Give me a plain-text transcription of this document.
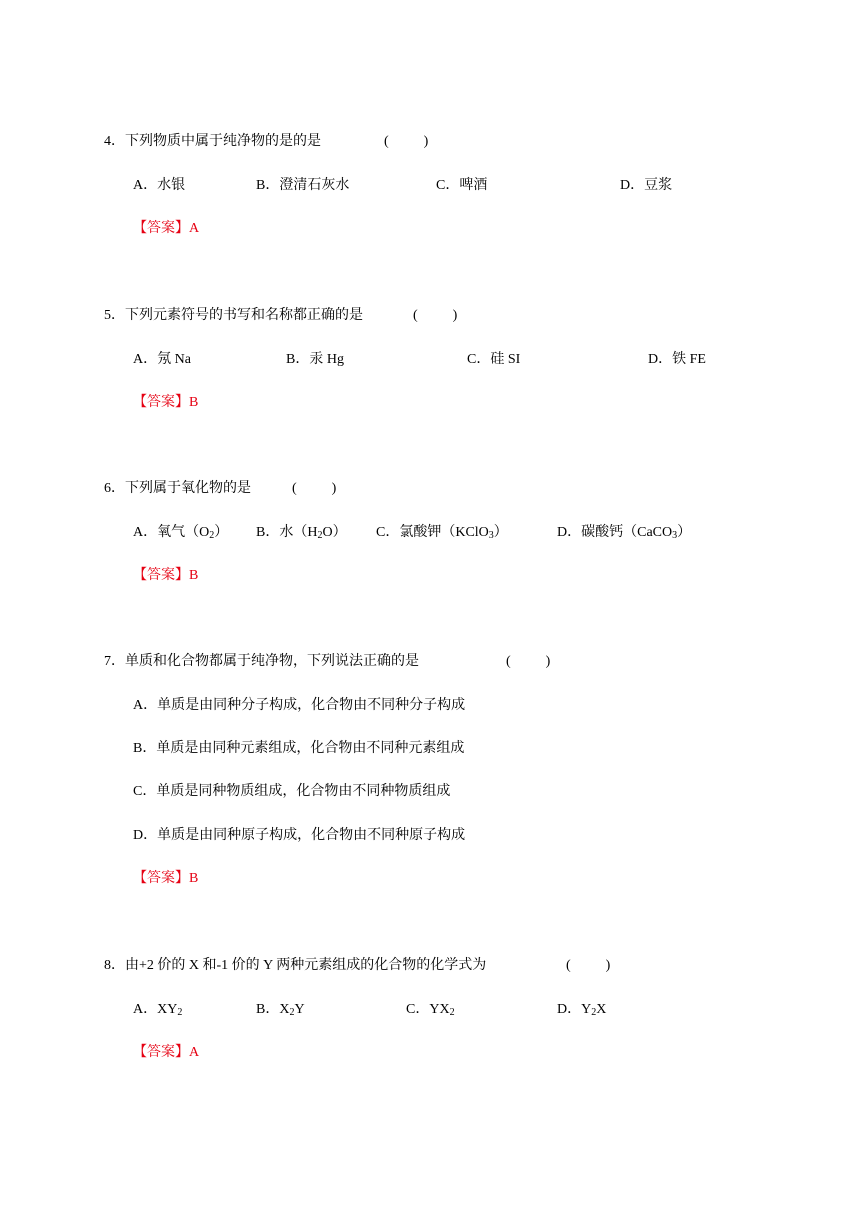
4．下列物质中属于纯净物的是的是	(          )
A．水银	B．澄清石灰水	C．啤酒	D．豆浆
【答案】A
5．下列元素符号的书写和名称都正确的是	(          )
A．氖 Na	B．汞 Hg	C．硅 SI	D．铁 FE
【答案】B
6．下列属于氧化物的是	(          )
A．氧气$(O_2)$ B．水$(H_2O)$ C．氯酸钾（KClO$_3$）	D．碳酸钙（CaCO$_3$）
【答案】B
7．单质和化合物都属于纯净物，下列说法正确的是	(          )
A．单质是由同种分子构成，化合物由不同种分子构成
B．单质是由同种元素组成，化合物由不同种元素组成
C．单质是同种物质组成，化合物由不同种物质组成
D．单质是由同种原子构成，化合物由不同种原子构成
【答案】B
8．由+2 价的 X 和-1 价的 Y 两种元素组成的化合物的化学式为	(          )
A．$XY_2$	B．$X_2Y$	C．$YX_2$	D．$Y_2X$
【答案】A
